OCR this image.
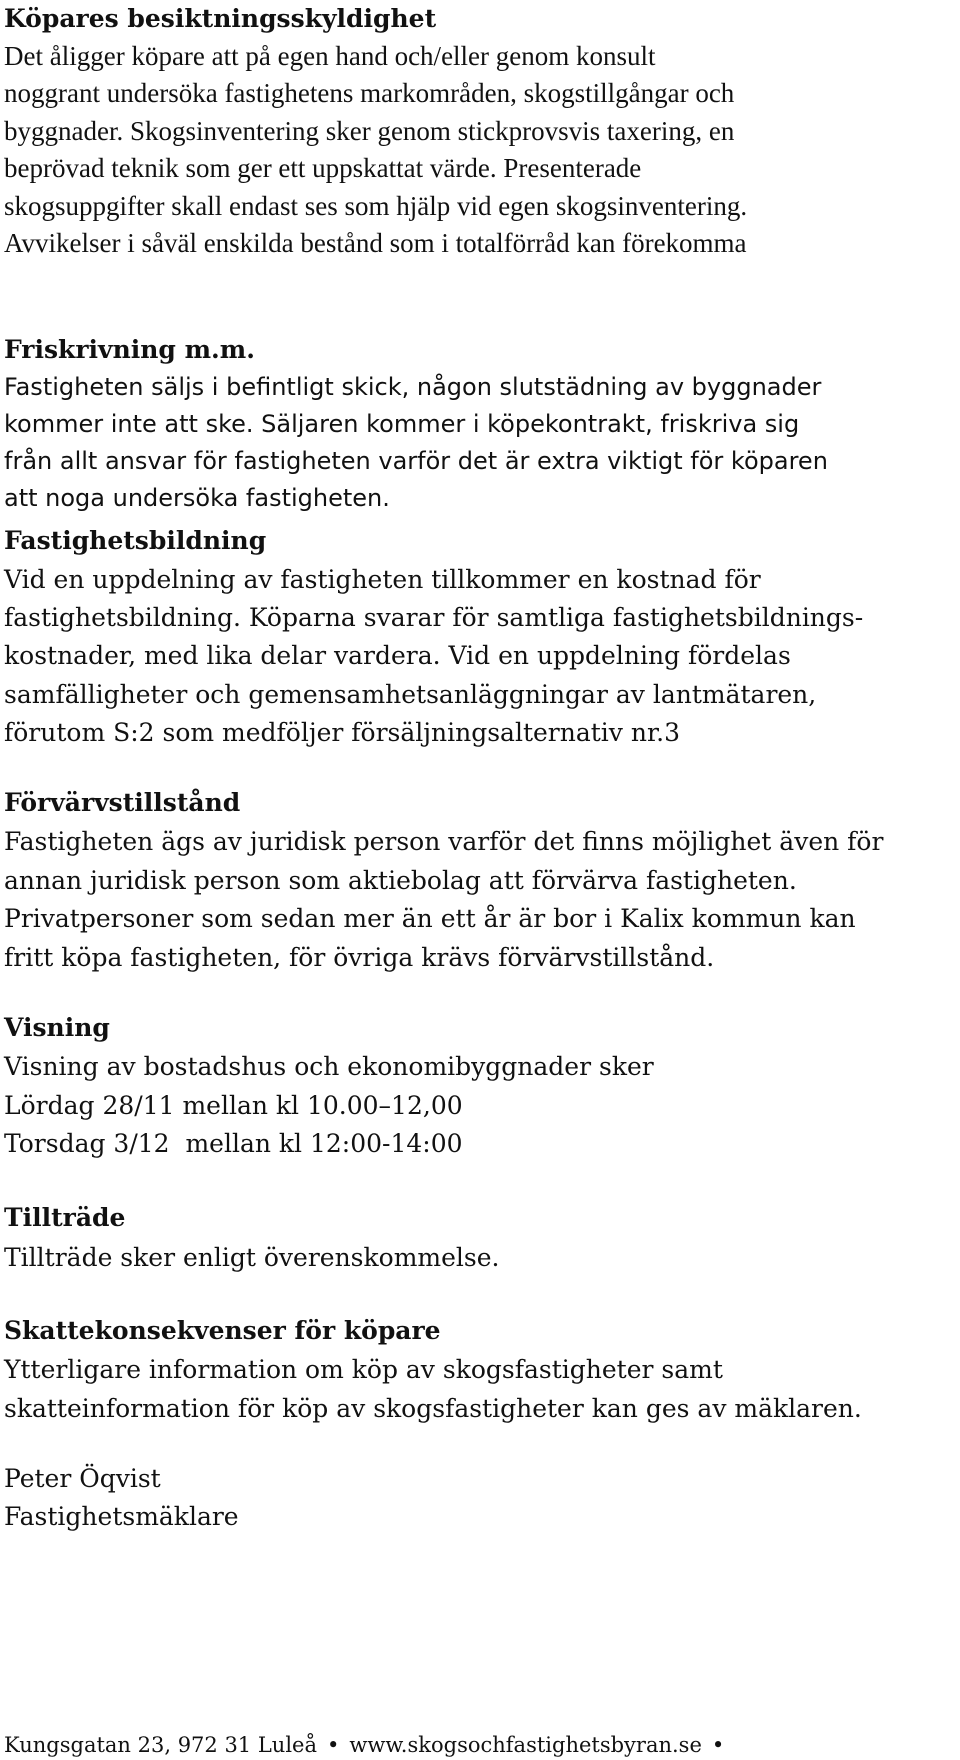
Köpares besiktningsskyldighet

Det åligger köpare att på egen hand och/eller genom konsult

noggrant undersöka fastighetens markområden, skogstillgångar och

byggnader. Skogsinventering sker genom stickprovsvis taxering, en

beprövad teknik som ger ett uppskattat värde. Presenterade

skogsuppgifter skall endast ses som hjälp vid egen skogsinventering.

Avvikelser i såväl enskilda bestånd som i totalförråd kan förekomma

Friskrivning m.m.

Fastigheten säljs i befintligt skick, någon slutstädning av byggnader

kommer inte att ske. Säljaren kommer i köpekontrakt, friskriva sig

från allt ansvar för fastigheten varför det är extra viktigt för köparen

att noga undersöka fastigheten.

Fastighetsbildning

Vid en uppdelning av fastigheten tillkommer en kostnad för

fastighetsbildning. Köparna svarar för samtliga fastighetsbildnings-

kostnader, med lika delar vardera. Vid en uppdelning fördelas

samfälligheter och gemensamhetsanläggningar av lantmätaren,

förutom S:2 som medföljer försäljningsalternativ nr.3

Förvärvstillstånd

Fastigheten ägs av juridisk person varför det finns möjlighet även för

annan juridisk person som aktiebolag att förvärva fastigheten.

Privatpersoner som sedan mer än ett år är bor i Kalix kommun kan

fritt köpa fastigheten, för övriga krävs förvärvstillstånd.

Visning

Visning av bostadshus och ekonomibyggnader sker

Lördag 28/11 mellan kl 10.00–12,00

Torsdag 3/12  mellan kl 12:00-14:00

Tillträde

Tillträde sker enligt överenskommelse.

Skattekonsekvenser för köpare

Ytterligare information om köp av skogsfastigheter samt

skatteinformation för köp av skogsfastigheter kan ges av mäklaren.

Peter Öqvist

Fastighetsmäklare

Kungsgatan 23, 972 31 Luleå • www.skogsochfastighetsbyran.se •
